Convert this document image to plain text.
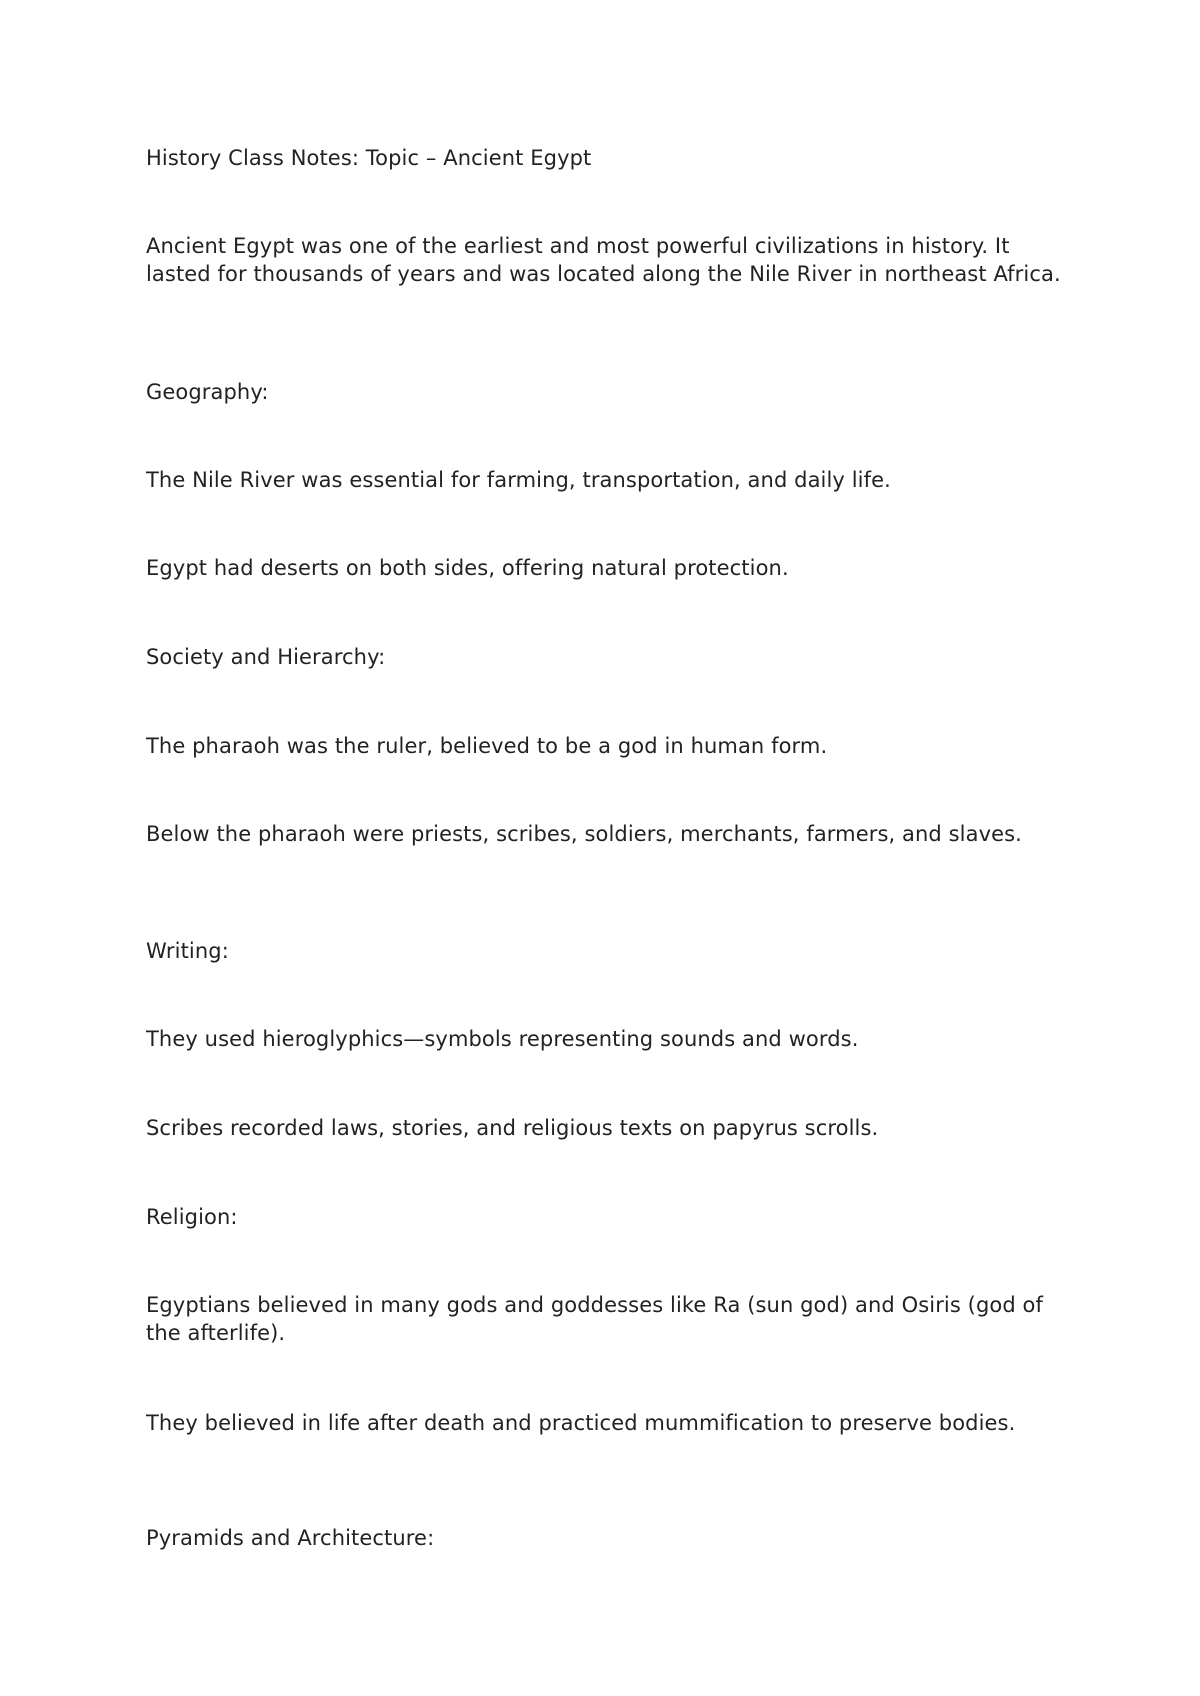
History Class Notes: Topic – Ancient Egypt

Ancient Egypt was one of the earliest and most powerful civilizations in history. It lasted for thousands of years and was located along the Nile River in northeast Africa.

Geography:

The Nile River was essential for farming, transportation, and daily life.

Egypt had deserts on both sides, offering natural protection.

Society and Hierarchy:

The pharaoh was the ruler, believed to be a god in human form.

Below the pharaoh were priests, scribes, soldiers, merchants, farmers, and slaves.

Writing:

They used hieroglyphics—symbols representing sounds and words.

Scribes recorded laws, stories, and religious texts on papyrus scrolls.

Religion:

Egyptians believed in many gods and goddesses like Ra (sun god) and Osiris (god of the afterlife).

They believed in life after death and practiced mummification to preserve bodies.

Pyramids and Architecture:
